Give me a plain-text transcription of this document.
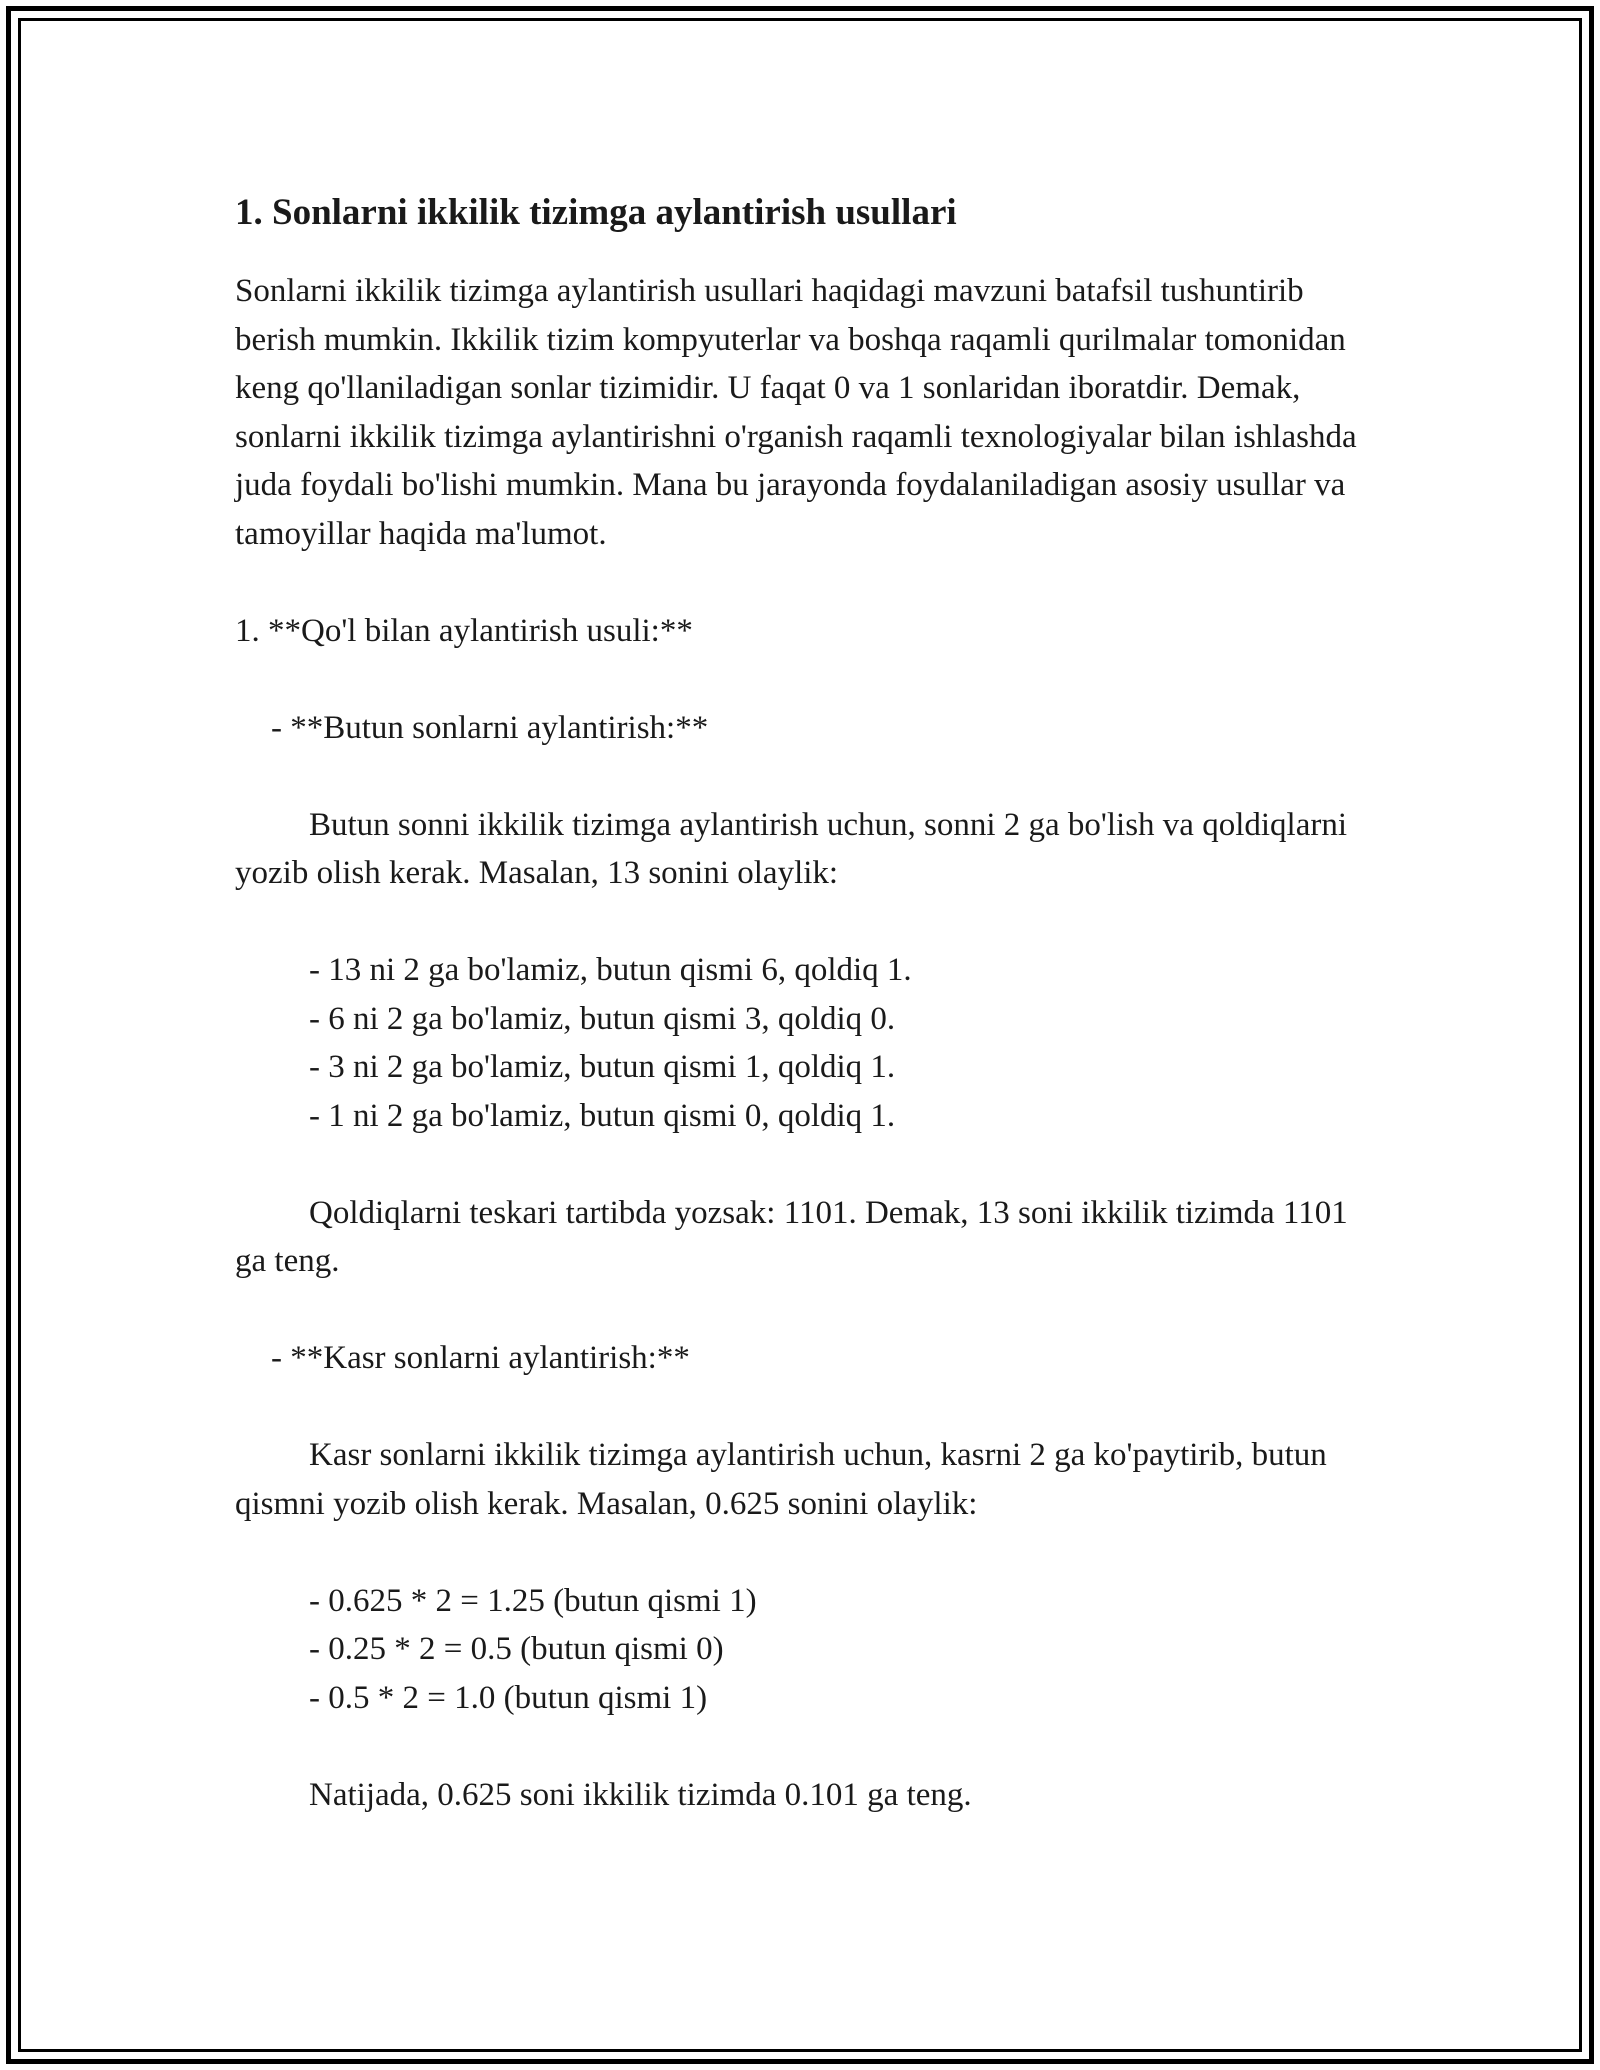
1. Sonlarni ikkilik tizimga aylantirish usullari

Sonlarni ikkilik tizimga aylantirish usullari haqidagi mavzuni batafsil tushuntirib berish mumkin. Ikkilik tizim kompyuterlar va boshqa raqamli qurilmalar tomonidan keng qo'llaniladigan sonlar tizimidir. U faqat 0 va 1 sonlaridan iboratdir. Demak, sonlarni ikkilik tizimga aylantirishni o'rganish raqamli texnologiyalar bilan ishlashda juda foydali bo'lishi mumkin. Mana bu jarayonda foydalaniladigan asosiy usullar va tamoyillar haqida ma'lumot.

1. **Qo'l bilan aylantirish usuli:**

- **Butun sonlarni aylantirish:**

Butun sonni ikkilik tizimga aylantirish uchun, sonni 2 ga bo'lish va qoldiqlarni yozib olish kerak. Masalan, 13 sonini olaylik:

- 13 ni 2 ga bo'lamiz, butun qismi 6, qoldiq 1.

- 6 ni 2 ga bo'lamiz, butun qismi 3, qoldiq 0.

- 3 ni 2 ga bo'lamiz, butun qismi 1, qoldiq 1.

- 1 ni 2 ga bo'lamiz, butun qismi 0, qoldiq 1.

Qoldiqlarni teskari tartibda yozsak: 1101. Demak, 13 soni ikkilik tizimda 1101 ga teng.

- **Kasr sonlarni aylantirish:**

Kasr sonlarni ikkilik tizimga aylantirish uchun, kasrni 2 ga ko'paytirib, butun qismni yozib olish kerak. Masalan, 0.625 sonini olaylik:

- 0.625 * 2 = 1.25 (butun qismi 1)

- 0.25 * 2 = 0.5 (butun qismi 0)

- 0.5 * 2 = 1.0 (butun qismi 1)

Natijada, 0.625 soni ikkilik tizimda 0.101 ga teng.
